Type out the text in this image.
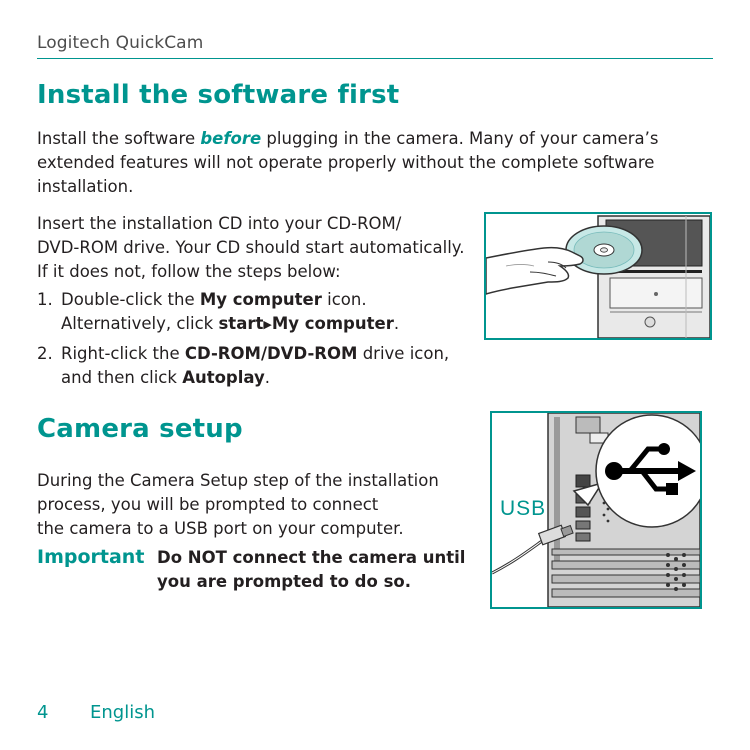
Logitech QuickCam
Install the software first
Install the software before plugging in the camera. Many of your camera’s
extended features will not operate properly without the complete software
installation.
Insert the installation CD into your CD-ROM/
DVD-ROM drive. Your CD should start automatically.
If it does not, follow the steps below:
1. Double-click the My computer icon.
Alternatively, click start▶My computer.
2. Right-click the CD-ROM/DVD-ROM drive icon,
and then click Autoplay.
Camera setup
During the Camera Setup step of the installation
process, you will be prompted to connect
the camera to a USB port on your computer.
Important Do NOT connect the camera until
you are prompted to do so.
USB
4 English
